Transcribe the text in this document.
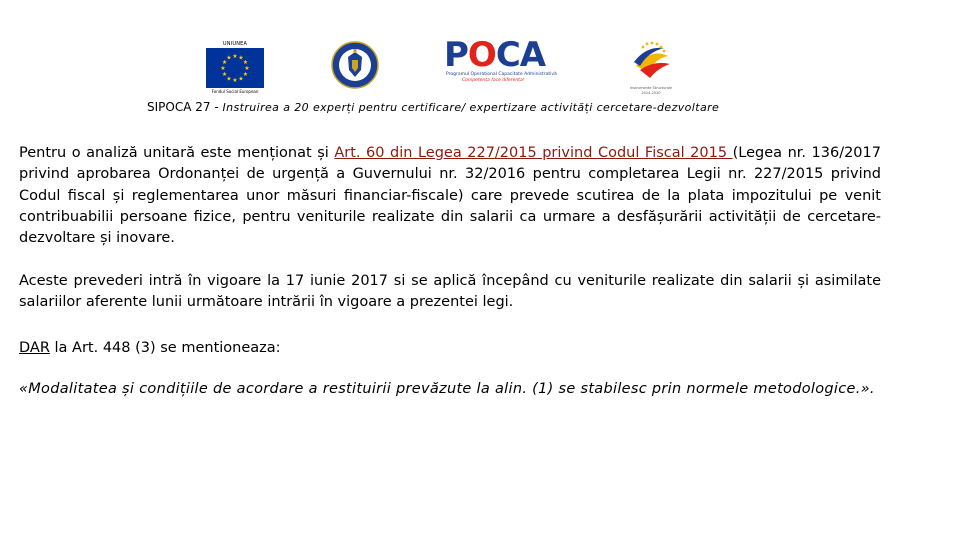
UNIUNEA
★ ★
★
★
★
★
★
★
★
★
★
★
Fondul Social European
POCA
Programul Operațional Capacitate Administrativă
Competența face diferența!
Instrumente Structurale 2014-2020
SIPOCA 27 - Instruirea a 20 experți pentru certificare/ expertizare activități cercetare-dezvoltare

Pentru o analiză unitară este menționat și Art. 60 din Legea 227/2015 privind Codul Fiscal 2015 (Legea nr. 136/2017 privind aprobarea Ordonanței de urgență a Guvernului nr. 32/2016 pentru completarea Legii nr. 227/2015 privind Codul fiscal și reglementarea unor măsuri financiar-fiscale) care prevede scutirea de la plata impozitului pe venit contribuabilii persoane fizice, pentru veniturile realizate din salarii ca urmare a desfășurării activității de cercetare-dezvoltare și inovare.

Aceste prevederi intră în vigoare la 17 iunie 2017 si se aplică începând cu veniturile realizate din salarii și asimilate salariilor aferente lunii următoare intrării în vigoare a prezentei legi.

DAR la Art. 448 (3) se mentioneaza:

«Modalitatea și condițiile de acordare a restituirii prevăzute la alin. (1) se stabilesc prin normele metodologice.».
